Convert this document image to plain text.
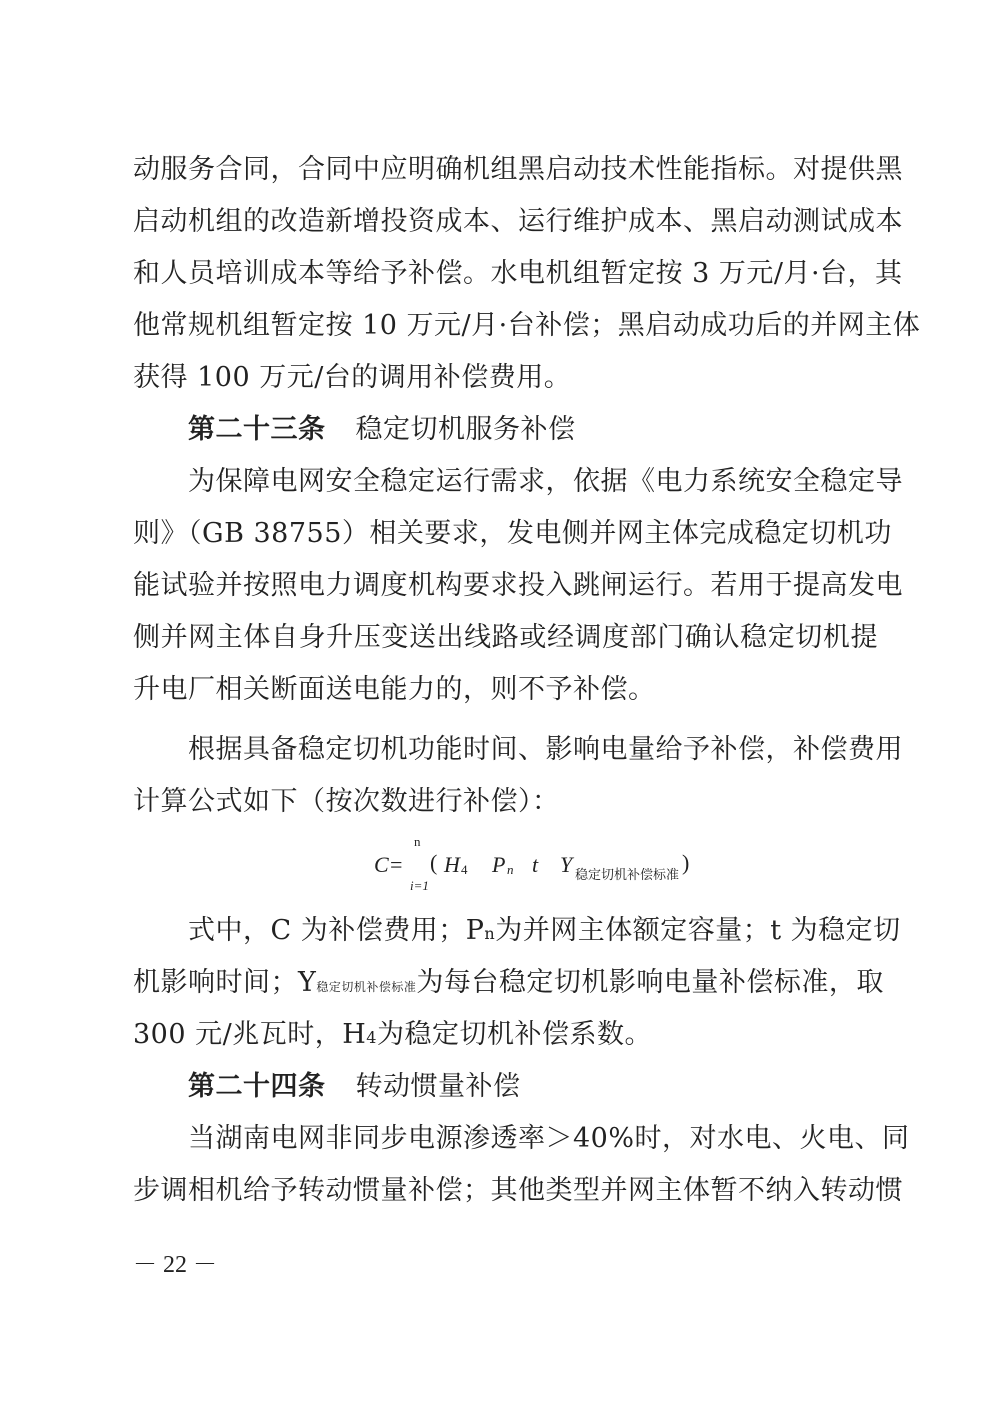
动服务合同，合同中应明确机组黑启动技术性能指标。对提供黑
启动机组的改造新增投资成本、运行维护成本、黑启动测试成本
和人员培训成本等给予补偿。水电机组暂定按 3 万元/月·台，其
他常规机组暂定按 10 万元/月·台补偿；黑启动成功后的并网主体
获得 100 万元/台的调用补偿费用。
第二十三条 稳定切机服务补偿
为保障电网安全稳定运行需求，依据《电力系统安全稳定导
则》（GB 38755）相关要求，发电侧并网主体完成稳定切机功
能试验并按照电力调度机构要求投入跳闸运行。若用于提高发电
侧并网主体自身升压变送出线路或经调度部门确认稳定切机提
升电厂相关断面送电能力的，则不予补偿。
根据具备稳定切机功能时间、影响电量给予补偿，补偿费用
计算公式如下（按次数进行补偿）：
C=
n
i=1
( H 4 P n t Y 稳定切机补偿标准 )
式中，C 为补偿费用；Pn为并网主体额定容量；t 为稳定切
机影响时间；Y稳定切机补偿标准为每台稳定切机影响电量补偿标准，取
300 元/兆瓦时，H4为稳定切机补偿系数。
第二十四条 转动惯量补偿
当湖南电网非同步电源渗透率＞40%时，对水电、火电、同
步调相机给予转动惯量补偿；其他类型并网主体暂不纳入转动惯
－ 22 －
